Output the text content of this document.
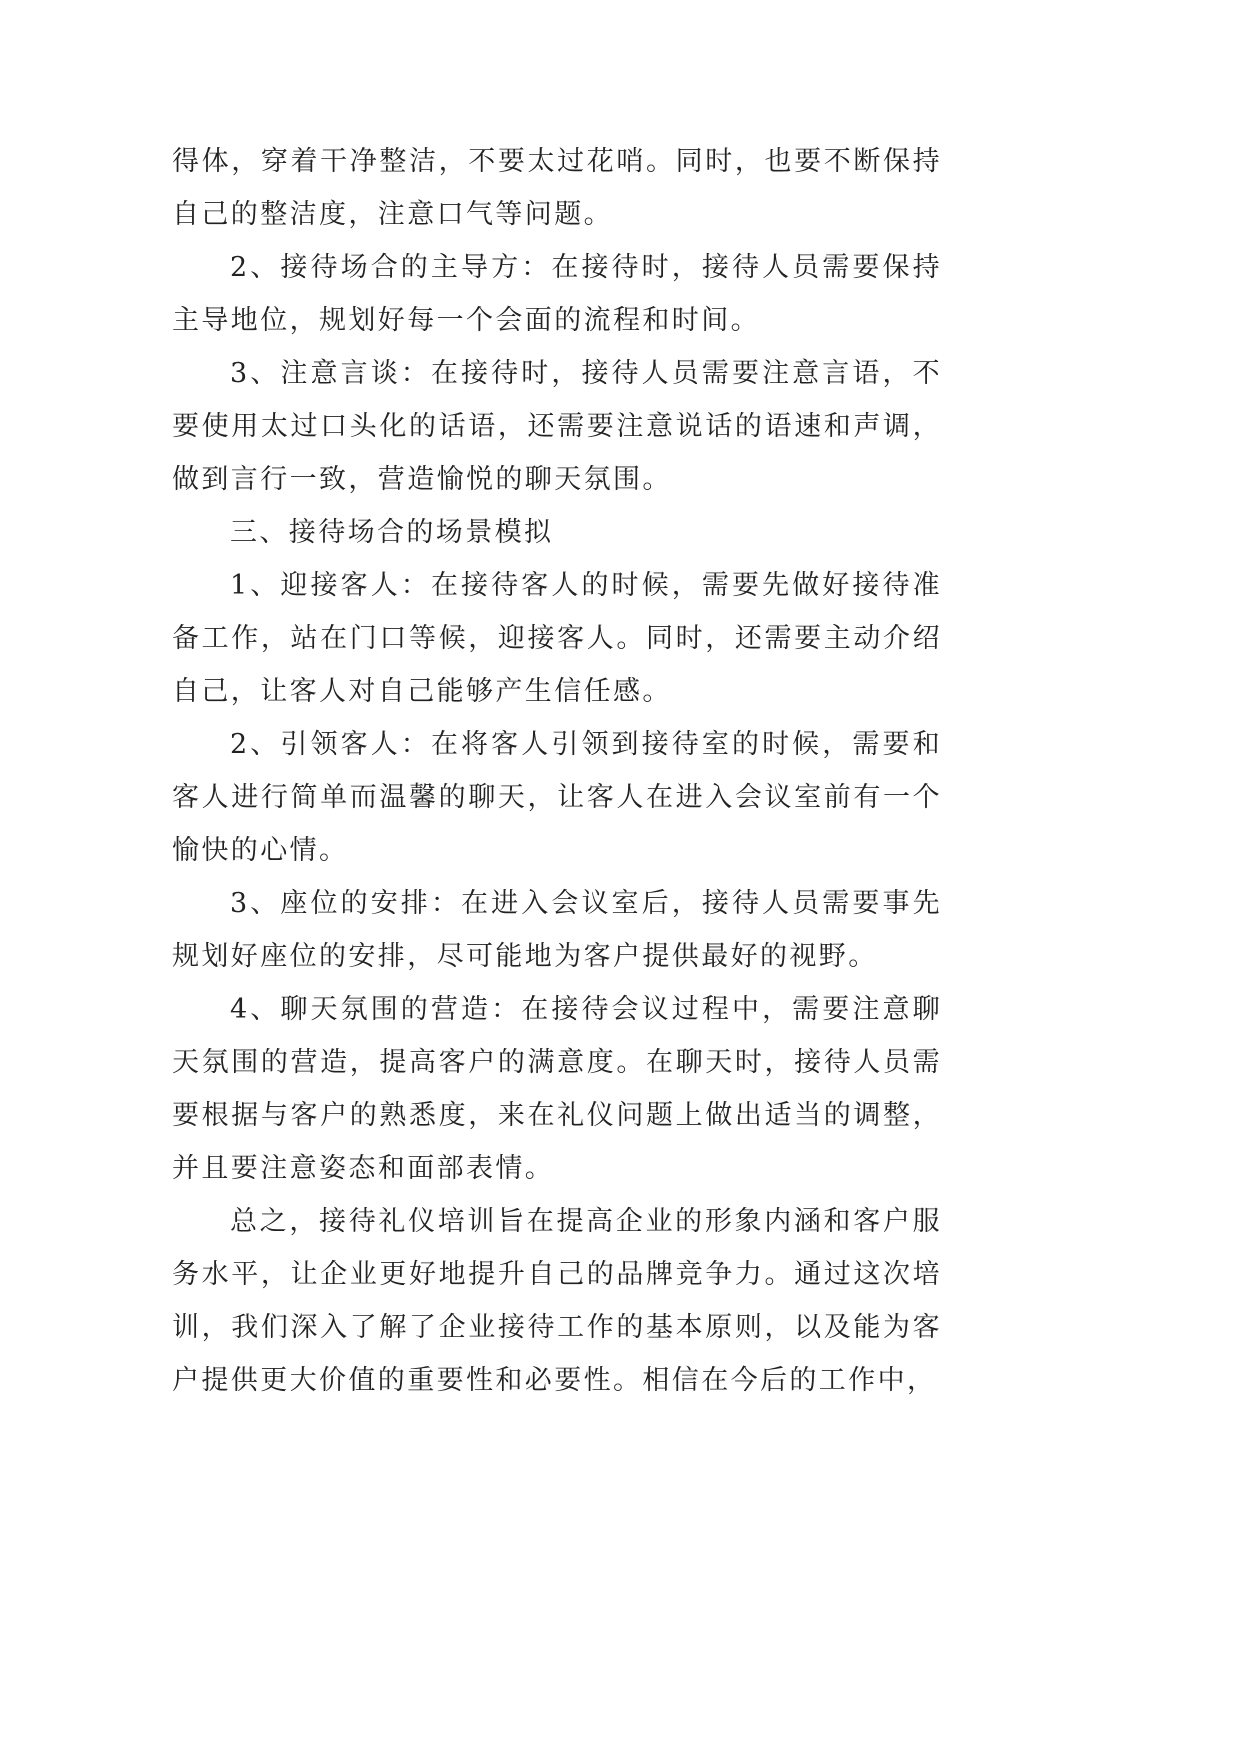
得体，穿着干净整洁，不要太过花哨。同时，也要不断保持自己的整洁度，注意口气等问题。

2、接待场合的主导方：在接待时，接待人员需要保持主导地位，规划好每一个会面的流程和时间。

3、注意言谈：在接待时，接待人员需要注意言语，不要使用太过口头化的话语，还需要注意说话的语速和声调，做到言行一致，营造愉悦的聊天氛围。

三、接待场合的场景模拟

1、迎接客人：在接待客人的时候，需要先做好接待准备工作，站在门口等候，迎接客人。同时，还需要主动介绍自己，让客人对自己能够产生信任感。

2、引领客人：在将客人引领到接待室的时候，需要和客人进行简单而温馨的聊天，让客人在进入会议室前有一个愉快的心情。

3、座位的安排：在进入会议室后，接待人员需要事先规划好座位的安排，尽可能地为客户提供最好的视野。

4、聊天氛围的营造：在接待会议过程中，需要注意聊天氛围的营造，提高客户的满意度。在聊天时，接待人员需要根据与客户的熟悉度，来在礼仪问题上做出适当的调整，并且要注意姿态和面部表情。

总之，接待礼仪培训旨在提高企业的形象内涵和客户服务水平，让企业更好地提升自己的品牌竞争力。通过这次培训，我们深入了解了企业接待工作的基本原则，以及能为客户提供更大价值的重要性和必要性。相信在今后的工作中，
